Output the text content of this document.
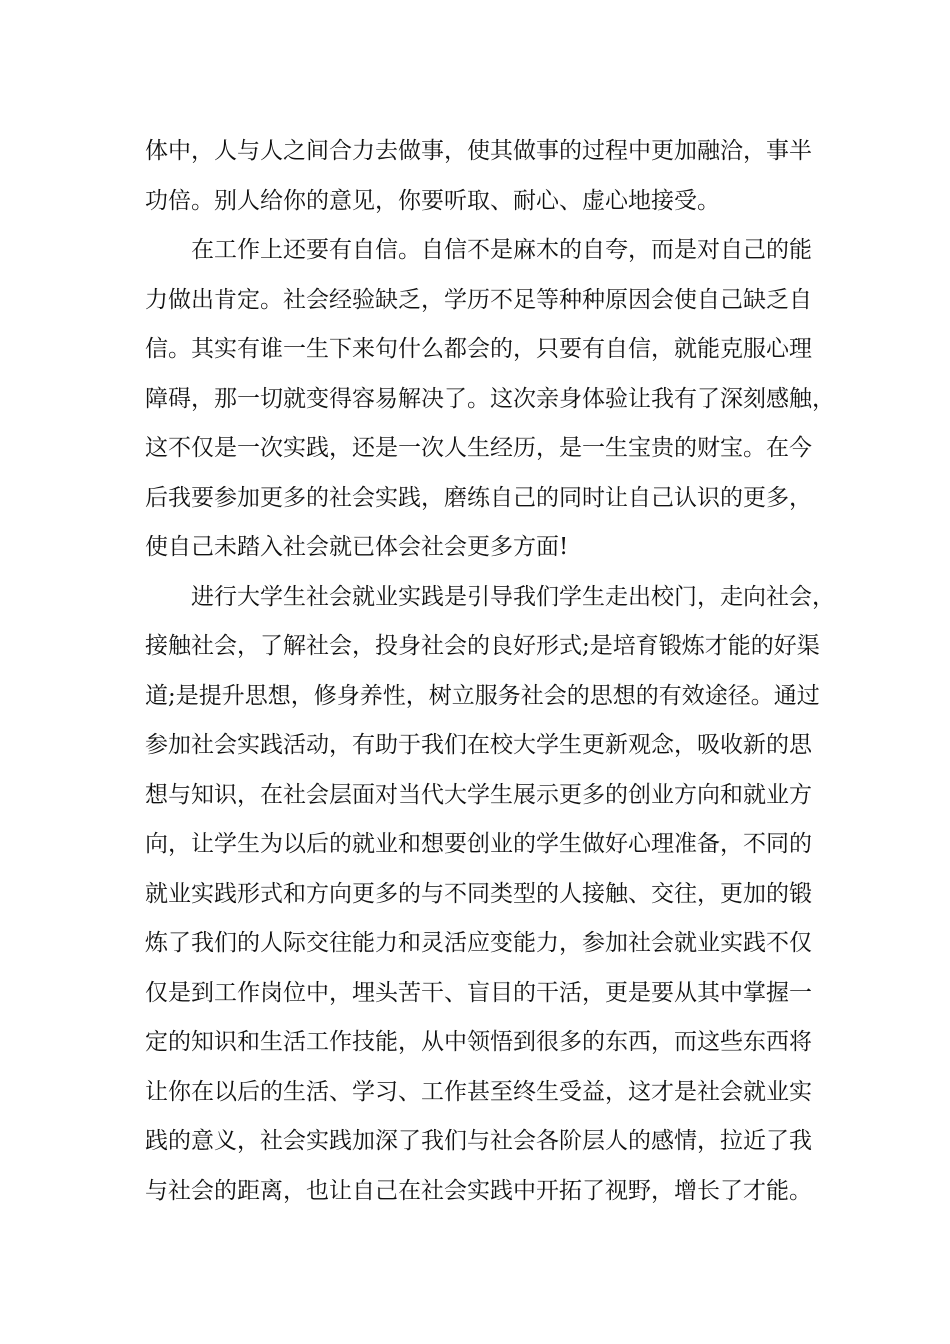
体中，人与人之间合力去做事，使其做事的过程中更加融洽，事半
功倍。别人给你的意见，你要听取、耐心、虚心地接受。
在工作上还要有自信。自信不是麻木的自夸，而是对自己的能
力做出肯定。社会经验缺乏，学历不足等种种原因会使自己缺乏自
信。其实有谁一生下来句什么都会的，只要有自信，就能克服心理
障碍，那一切就变得容易解决了。这次亲身体验让我有了深刻感触，
这不仅是一次实践，还是一次人生经历，是一生宝贵的财宝。在今
后我要参加更多的社会实践，磨练自己的同时让自己认识的更多，
使自己未踏入社会就已体会社会更多方面!
进行大学生社会就业实践是引导我们学生走出校门，走向社会，
接触社会，了解社会，投身社会的良好形式;是培育锻炼才能的好渠
道;是提升思想，修身养性，树立服务社会的思想的有效途径。通过
参加社会实践活动，有助于我们在校大学生更新观念，吸收新的思
想与知识，在社会层面对当代大学生展示更多的创业方向和就业方
向，让学生为以后的就业和想要创业的学生做好心理准备，不同的
就业实践形式和方向更多的与不同类型的人接触、交往，更加的锻
炼了我们的人际交往能力和灵活应变能力，参加社会就业实践不仅
仅是到工作岗位中，埋头苦干、盲目的干活，更是要从其中掌握一
定的知识和生活工作技能，从中领悟到很多的东西，而这些东西将
让你在以后的生活、学习、工作甚至终生受益，这才是社会就业实
践的意义，社会实践加深了我们与社会各阶层人的感情，拉近了我
与社会的距离，也让自己在社会实践中开拓了视野，增长了才能。
